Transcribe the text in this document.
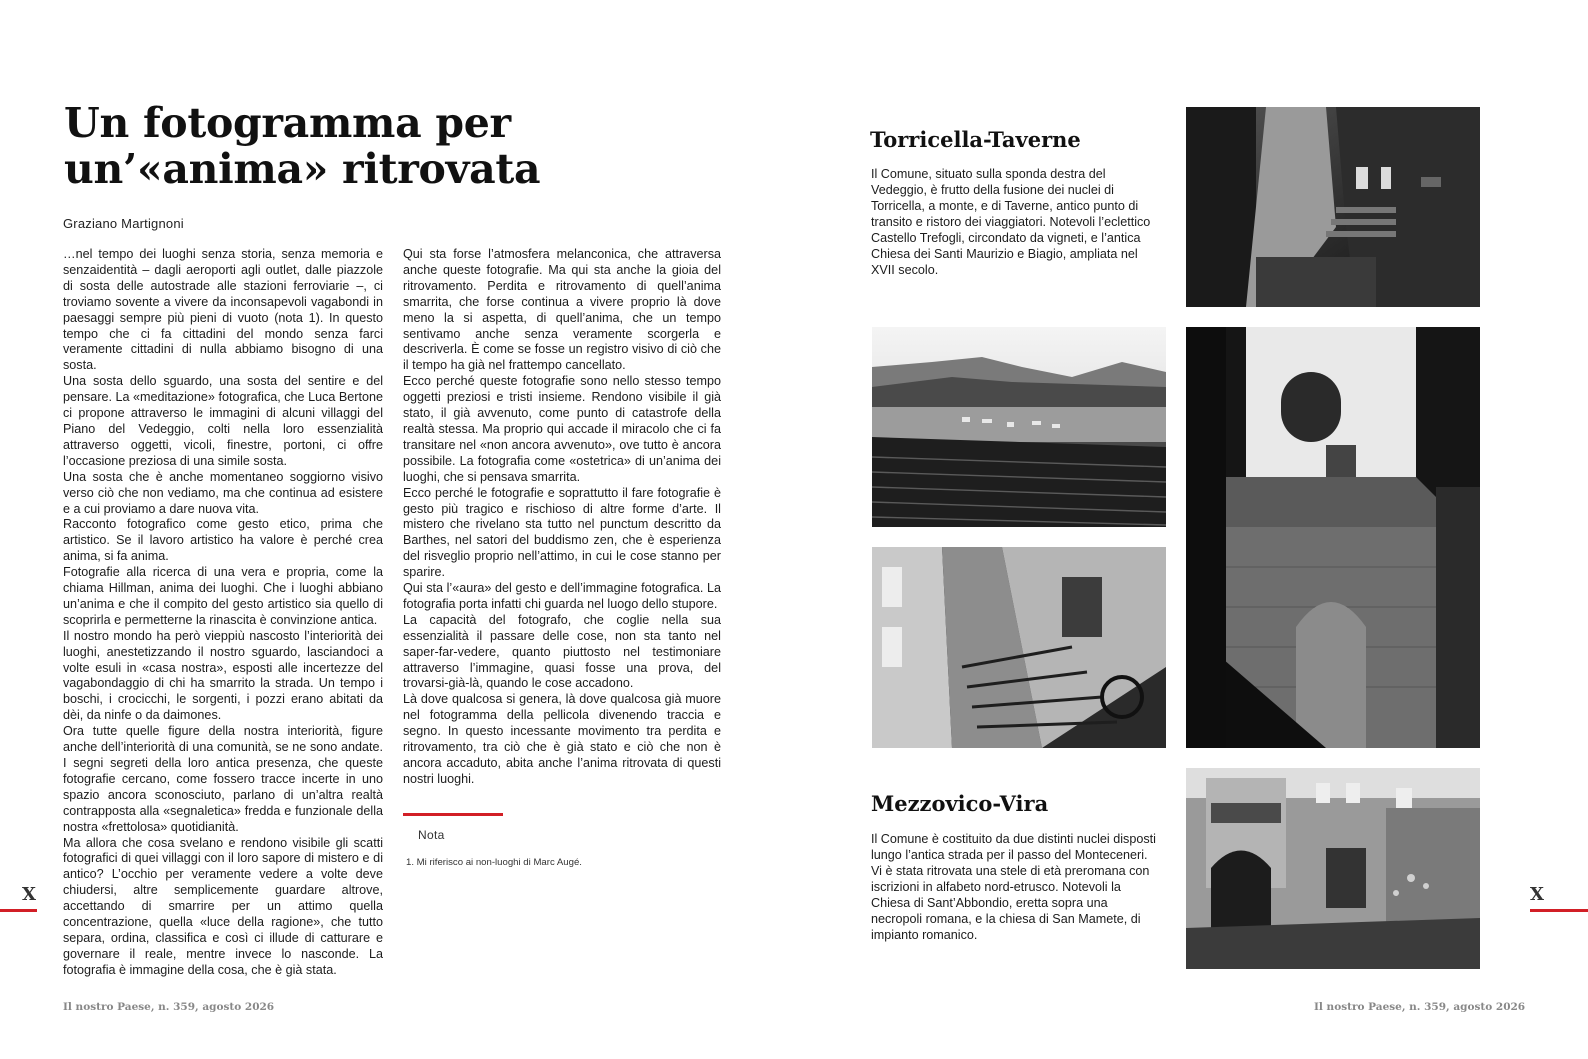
Un fotogramma per
un’«anima» ritrovata
Graziano Martignoni

…nel tempo dei luoghi senza storia, senza memoria e senzaidentità – dagli aeroporti agli outlet, dalle piazzole di sosta delle autostrade alle stazioni ferroviarie –, ci troviamo sovente a vivere da inconsapevoli vagabondi in paesaggi sempre più pieni di vuoto (nota 1). In questo tempo che ci fa cittadini del mondo senza farci veramente cittadini di nulla abbiamo bisogno di una sosta.

Una sosta dello sguardo, una sosta del sentire e del pensare. La «meditazione» fotografica, che Luca Bertone ci propone attraverso le immagini di alcuni villaggi del Piano del Vedeggio, colti nella loro essenzialità attraverso oggetti, vicoli, finestre, portoni, ci offre l’occasione preziosa di una simile sosta.

Una sosta che è anche momentaneo soggiorno visivo verso ciò che non vediamo, ma che continua ad esistere e a cui proviamo a dare nuova vita.

Racconto fotografico come gesto etico, prima che artistico. Se il lavoro artistico ha valore è perché crea anima, si fa anima.

Fotografie alla ricerca di una vera e propria, come la chiama Hillman, anima dei luoghi. Che i luoghi abbiano un’anima e che il compito del gesto artistico sia quello di scoprirla e permetterne la rinascita è convinzione antica.

Il nostro mondo ha però vieppiù nascosto l’interiorità dei luoghi, anestetizzando il nostro sguardo, lasciandoci a volte esuli in «casa nostra», esposti alle incertezze del vagabondaggio di chi ha smarrito la strada. Un tempo i boschi, i crocicchi, le sorgenti, i pozzi erano abitati da dèi, da ninfe o da daimones.

Ora tutte quelle figure della nostra interiorità, figure anche dell’interiorità di una comunità, se ne sono andate. I segni segreti della loro antica presenza, che queste fotografie cercano, come fossero tracce incerte in uno spazio ancora sconosciuto, parlano di un’altra realtà contrapposta alla «segnaletica» fredda e funzionale della nostra «frettolosa» quotidianità.

Ma allora che cosa svelano e rendono visibile gli scatti fotografici di quei villaggi con il loro sapore di mistero e di antico? L’occhio per veramente vedere a volte deve chiudersi, altre semplicemente guardare altrove, accettando di smarrire per un attimo quella concentrazione, quella «luce della ragione», che tutto separa, ordina, classifica e così ci illude di catturare e governare il reale, mentre invece lo nasconde. La fotografia è immagine della cosa, che è già stata.

Qui sta forse l’atmosfera melanconica, che attraversa anche queste fotografie. Ma qui sta anche la gioia del ritrovamento. Perdita e ritrovamento di quell’anima smarrita, che forse continua a vivere proprio là dove meno la si aspetta, di quell’anima, che un tempo sentivamo anche senza veramente scorgerla e descriverla. È come se fosse un registro visivo di ciò che il tempo ha già nel frattempo cancellato.

Ecco perché queste fotografie sono nello stesso tempo oggetti preziosi e tristi insieme. Rendono visibile il già stato, il già avvenuto, come punto di catastrofe della realtà stessa. Ma proprio qui accade il miracolo che ci fa transitare nel «non ancora avvenuto», ove tutto è ancora possibile. La fotografia come «ostetrica» di un’anima dei luoghi, che si pensava smarrita.

Ecco perché le fotografie e soprattutto il fare fotografie è gesto più tragico e rischioso di altre forme d’arte. Il mistero che rivelano sta tutto nel punctum descritto da Barthes, nel satori del buddismo zen, che è esperienza del risveglio proprio nell’attimo, in cui le cose stanno per sparire.

Qui sta l’«aura» del gesto e dell’immagine fotografica. La fotografia porta infatti chi guarda nel luogo dello stupore.

La capacità del fotografo, che coglie nella sua essenzialità il passare delle cose, non sta tanto nel saper-far-vedere, quanto piuttosto nel testimoniare attraverso l’immagine, quasi fosse una prova, del trovarsi-già-là, quando le cose accadono.

Là dove qualcosa si genera, là dove qualcosa già muore nel fotogramma della pellicola divenendo traccia e segno. In questo incessante movimento tra perdita e ritrovamento, tra ciò che è già stato e ciò che non è ancora accaduto, abita anche l’anima ritrovata di questi nostri luoghi.

Nota
1. Mi riferisco ai non-luoghi di Marc Augé.
X	X
Il nostro Paese, n. 359, agosto 2026	Il nostro Paese, n. 359, agosto 2026
Torricella-Taverne

Il Comune, situato sulla sponda destra del Vedeggio, è frutto della fusione dei nuclei di Torricella, a monte, e di Taverne, antico punto di transito e ristoro dei viaggiatori. Notevoli l’eclettico Castello Trefogli, circondato da vigneti, e l’antica Chiesa dei Santi Maurizio e Biagio, ampliata nel XVII secolo.

Mezzovico-Vira

Il Comune è costituito da due distinti nuclei disposti lungo l’antica strada per il passo del Monteceneri. Vi è stata ritrovata una stele di età preromana con iscrizioni in alfabeto nord-etrusco. Notevoli la Chiesa di Sant’Abbondio, eretta sopra una necropoli romana, e la chiesa di San Mamete, di impianto romanico.
